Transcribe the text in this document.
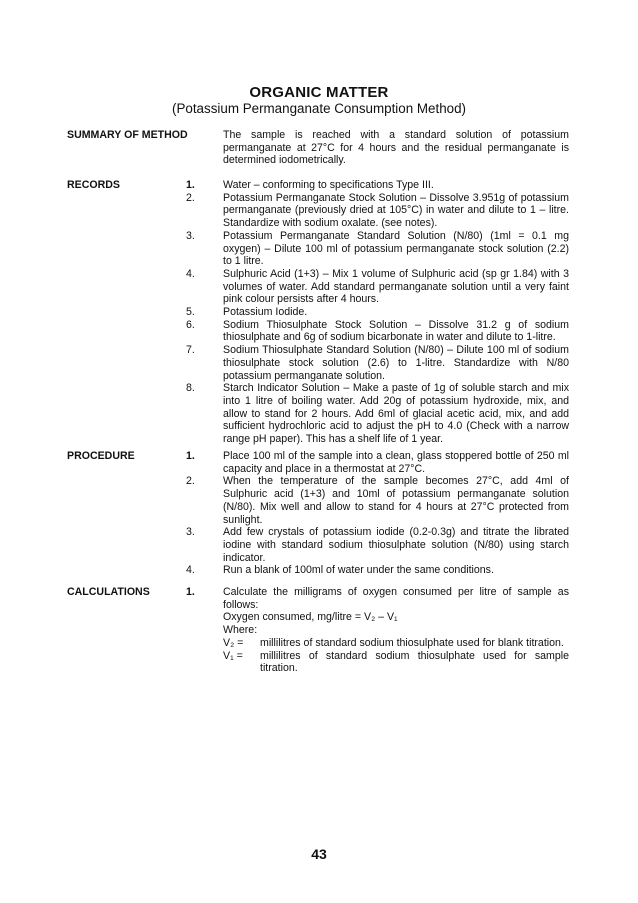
ORGANIC MATTER
(Potassium Permanganate Consumption Method)
SUMMARY OF METHOD	The sample is reached with a standard solution of potassium permanganate at 27°C for 4 hours and the residual permanganate is determined iodometrically.
RECORDS	1.	Water – conforming to specifications Type III.
2.	Potassium Permanganate Stock Solution – Dissolve 3.951g of potassium permanganate (previously dried at 105°C) in water and dilute to 1 – litre. Standardize with sodium oxalate. (see notes).
3.	Potassium Permanganate Standard Solution (N/80) (1ml = 0.1 mg oxygen) – Dilute 100 ml of potassium permanganate stock solution (2.2) to 1 litre.
4.	Sulphuric Acid (1+3) – Mix 1 volume of Sulphuric acid (sp gr 1.84) with 3 volumes of water. Add standard permanganate solution until a very faint pink colour persists after 4 hours.
5.	Potassium Iodide.
6.	Sodium Thiosulphate Stock Solution – Dissolve 31.2 g of sodium thiosulphate and 6g of sodium bicarbonate in water and dilute to 1-litre.
7.	Sodium Thiosulphate Standard Solution (N/80) – Dilute 100 ml of sodium thiosulphate stock solution (2.6) to 1-litre. Standardize with N/80 potassium permanganate solution.
8.	Starch Indicator Solution – Make a paste of 1g of soluble starch and mix into 1 litre of boiling water. Add 20g of potassium hydroxide, mix, and allow to stand for 2 hours. Add 6ml of glacial acetic acid, mix, and add sufficient hydrochloric acid to adjust the pH to 4.0 (Check with a narrow range pH paper). This has a shelf life of 1 year.
PROCEDURE	1.	Place 100 ml of the sample into a clean, glass stoppered bottle of 250 ml capacity and place in a thermostat at 27°C.
2.	When the temperature of the sample becomes 27°C, add 4ml of Sulphuric acid (1+3) and 10ml of potassium permanganate solution (N/80). Mix well and allow to stand for 4 hours at 27°C protected from sunlight.
3.	Add few crystals of potassium iodide (0.2-0.3g) and titrate the librated iodine with standard sodium thiosulphate solution (N/80) using starch indicator.
4.	Run a blank of 100ml of water under the same conditions.
CALCULATIONS	1.	Calculate the milligrams of oxygen consumed per litre of sample as follows:
Oxygen consumed, mg/litre = V₂ – V₁
Where:
V₂ = millilitres of standard sodium thiosulphate used for blank titration.
V₁ = millilitres of standard sodium thiosulphate used for sample titration.
43
